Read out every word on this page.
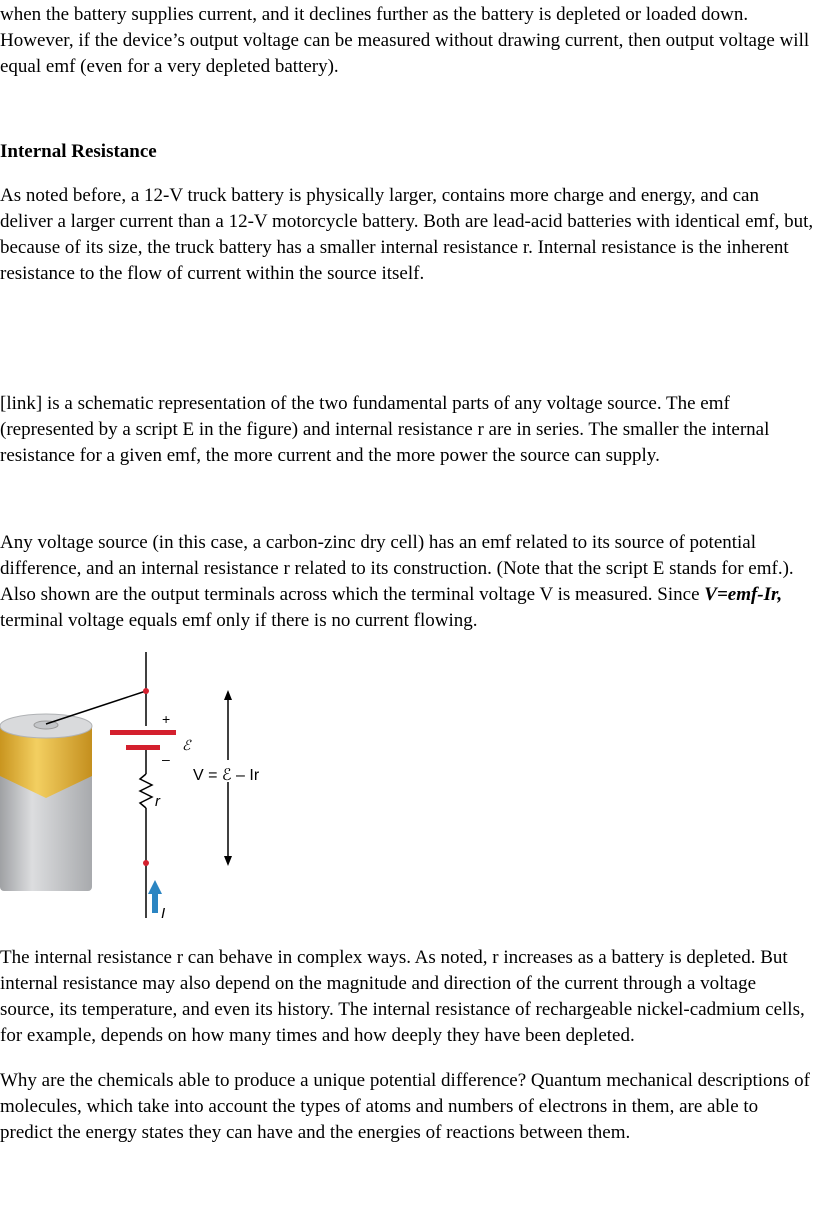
when the battery supplies current, and it declines further as the battery is depleted or loaded down. However, if the device’s output voltage can be measured without drawing current, then output voltage will equal emf (even for a very depleted battery).

Internal Resistance

As noted before, a 12-V truck battery is physically larger, contains more charge and energy, and can deliver a larger current than a 12-V motorcycle battery. Both are lead-acid batteries with identical emf, but, because of its size, the truck battery has a smaller internal resistance r. Internal resistance is the inherent resistance to the flow of current within the source itself.

[link] is a schematic representation of the two fundamental parts of any voltage source. The emf (represented by a script E in the figure) and internal resistance r are in series. The smaller the internal resistance for a given emf, the more current and the more power the source can supply.

Any voltage source (in this case, a carbon-zinc dry cell) has an emf related to its source of potential difference, and an internal resistance r related to its construction. (Note that the script E stands for emf.). Also shown are the output terminals across which the terminal voltage V is measured. Since V=emf-Ir, terminal voltage equals emf only if there is no current flowing.

+
–
ℰ
r
V = ℰ – Ir
I

The internal resistance r can behave in complex ways. As noted, r increases as a battery is depleted. But internal resistance may also depend on the magnitude and direction of the current through a voltage source, its temperature, and even its history. The internal resistance of rechargeable nickel-cadmium cells, for example, depends on how many times and how deeply they have been depleted.

Why are the chemicals able to produce a unique potential difference? Quantum mechanical descriptions of molecules, which take into account the types of atoms and numbers of electrons in them, are able to predict the energy states they can have and the energies of reactions between them.
